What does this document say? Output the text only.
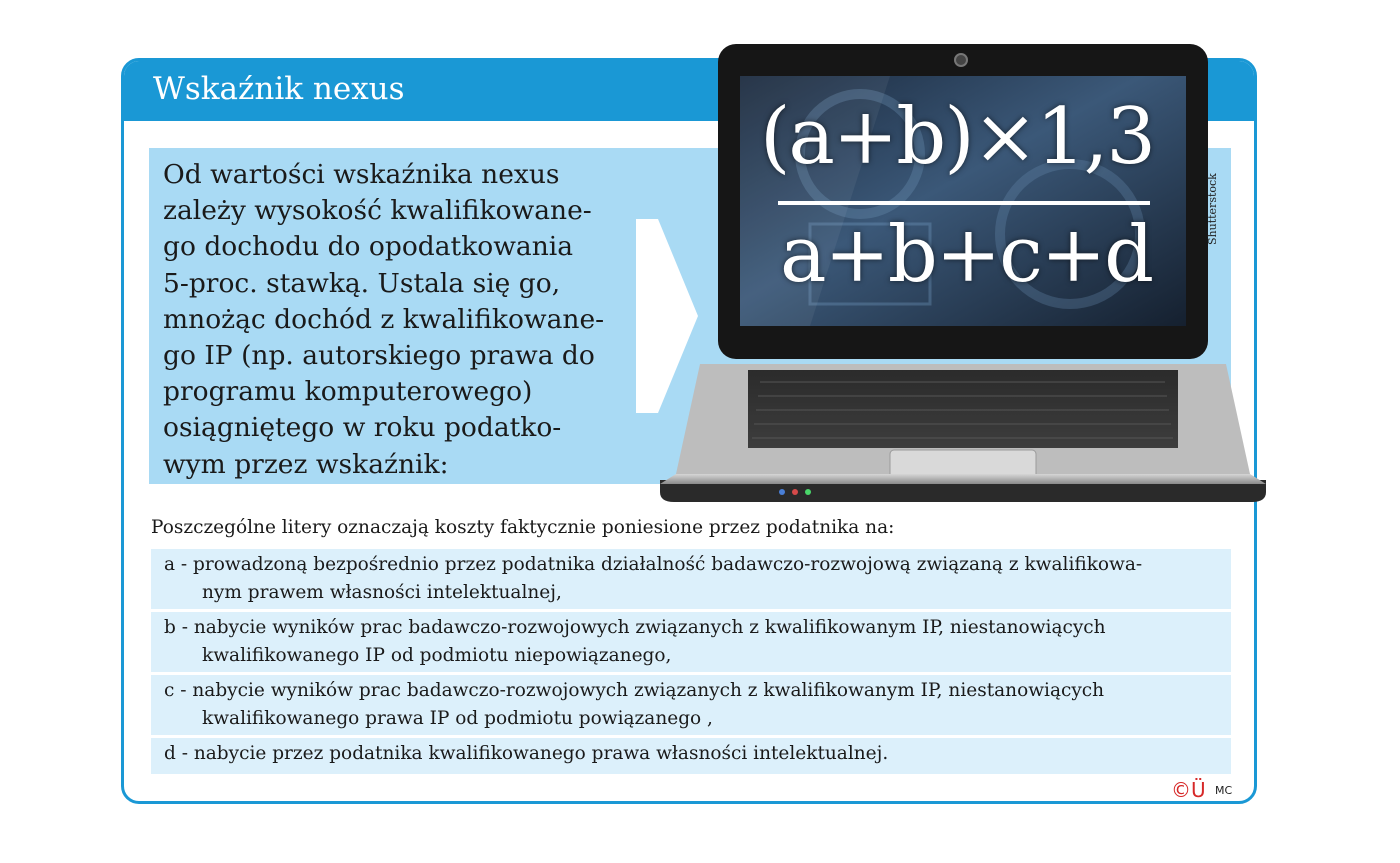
Wskaźnik nexus
Od wartości wskaźnika nexus
zależy wysokość kwalifikowane-
go dochodu do opodatkowania
5-proc. stawką. Ustala się go,
mnożąc dochód z kwalifikowane-
go IP (np. autorskiego prawa do
programu komputerowego)
osiągniętego w roku podatko-
wym przez wskaźnik:
(a+b)×1,3
a+b+c+d
Shutterstock
Poszczególne litery oznaczają koszty faktycznie poniesione przez podatnika na:
a - prowadzoną bezpośrednio przez podatnika działalność badawczo-rozwojową związaną z kwalifikowa-
nym prawem własności intelektualnej,
b - nabycie wyników prac badawczo-rozwojowych związanych z kwalifikowanym IP, niestanowiących
kwalifikowanego IP od podmiotu niepowiązanego,
c - nabycie wyników prac badawczo-rozwojowych związanych z kwalifikowanym IP, niestanowiących
kwalifikowanego prawa IP od podmiotu powiązanego ,
d - nabycie przez podatnika kwalifikowanego prawa własności intelektualnej.
©Ü MC
